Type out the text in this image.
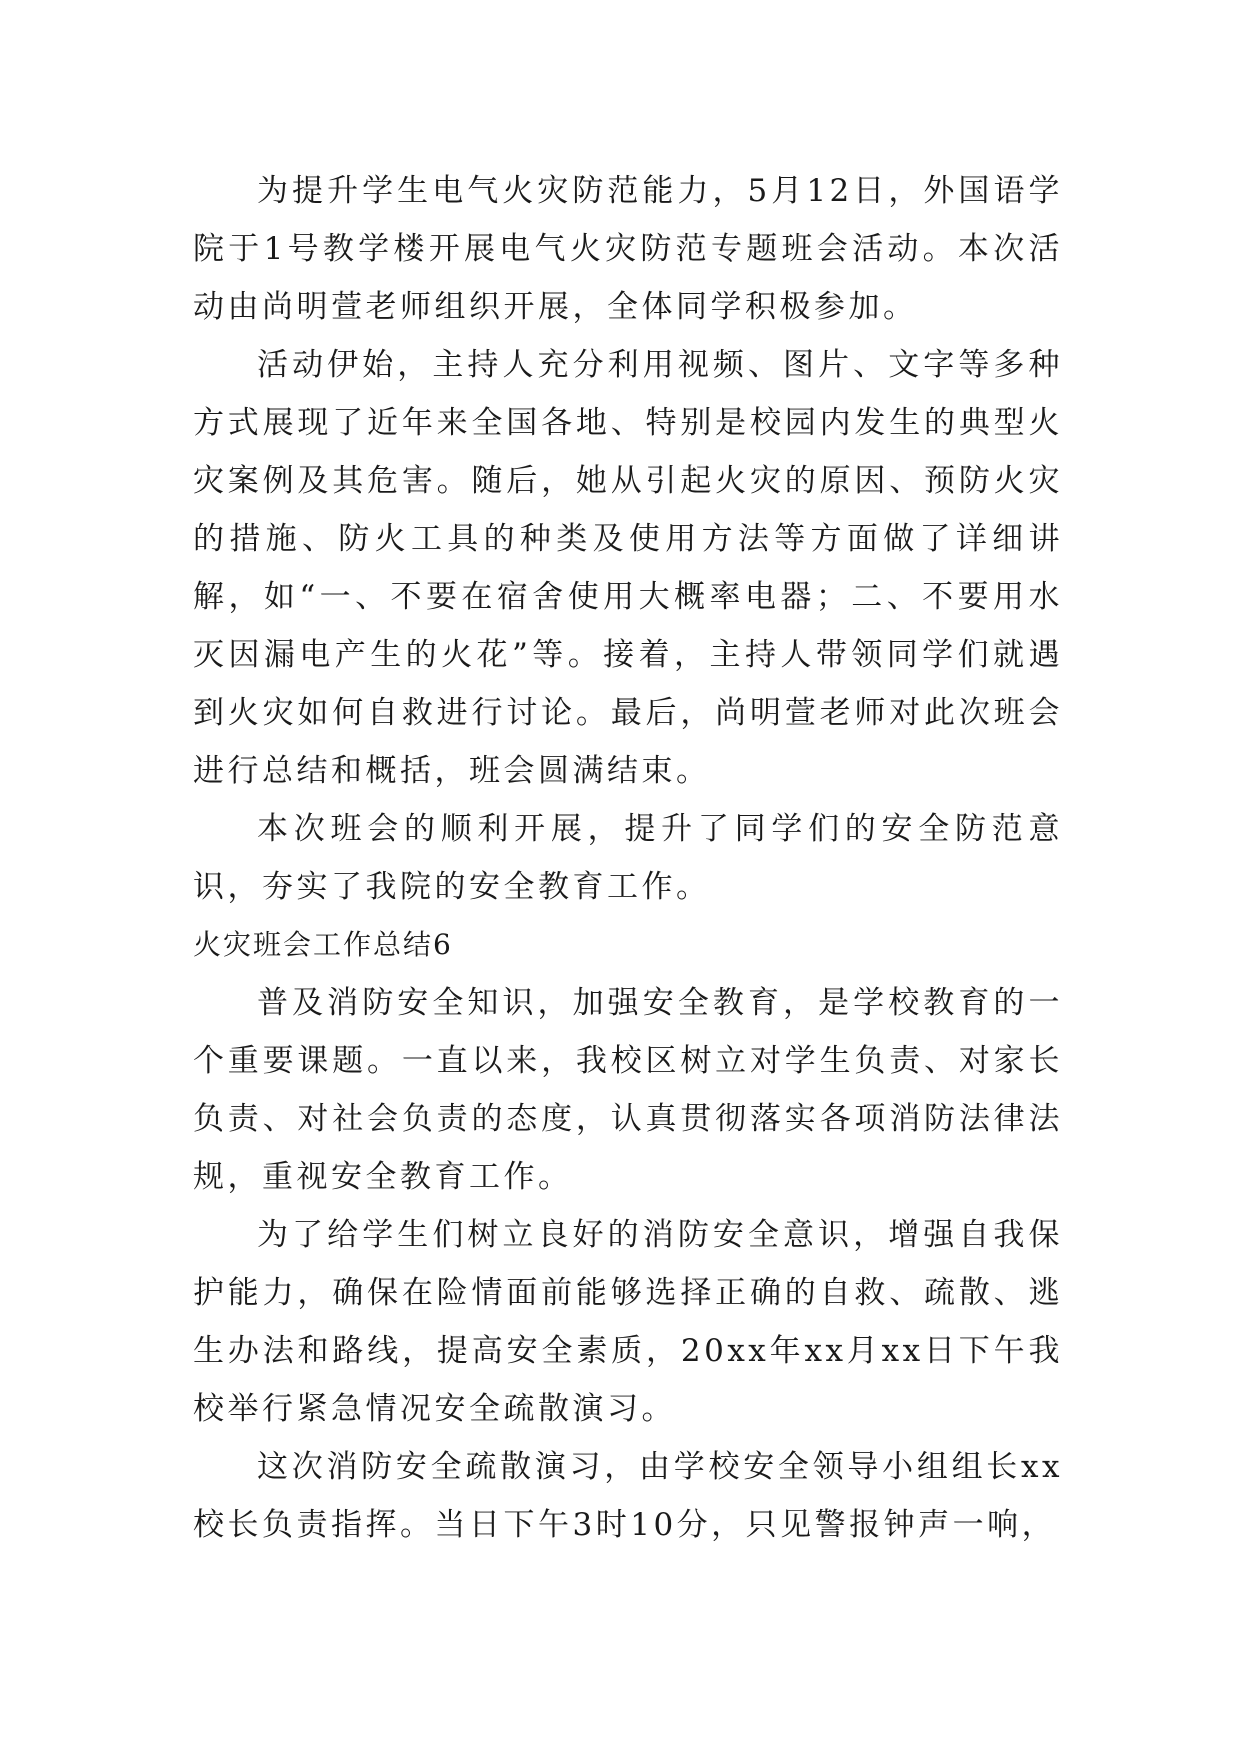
为提升学生电气火灾防范能力，5月12日，外国语学院于1号教学楼开展电气火灾防范专题班会活动。本次活动由尚明萱老师组织开展，全体同学积极参加。

活动伊始，主持人充分利用视频、图片、文字等多种方式展现了近年来全国各地、特别是校园内发生的典型火灾案例及其危害。随后，她从引起火灾的原因、预防火灾的措施、防火工具的种类及使用方法等方面做了详细讲解，如“一、不要在宿舍使用大概率电器；二、不要用水灭因漏电产生的火花”等。接着，主持人带领同学们就遇到火灾如何自救进行讨论。最后，尚明萱老师对此次班会进行总结和概括，班会圆满结束。

本次班会的顺利开展，提升了同学们的安全防范意识，夯实了我院的安全教育工作。

火灾班会工作总结6

普及消防安全知识，加强安全教育，是学校教育的一个重要课题。一直以来，我校区树立对学生负责、对家长负责、对社会负责的态度，认真贯彻落实各项消防法律法规，重视安全教育工作。

为了给学生们树立良好的消防安全意识，增强自我保护能力，确保在险情面前能够选择正确的自救、疏散、逃生办法和路线，提高安全素质，20xx年xx月xx日下午我校举行紧急情况安全疏散演习。

这次消防安全疏散演习，由学校安全领导小组组长xx校长负责指挥。当日下午3时10分，只见警报钟声一响，
